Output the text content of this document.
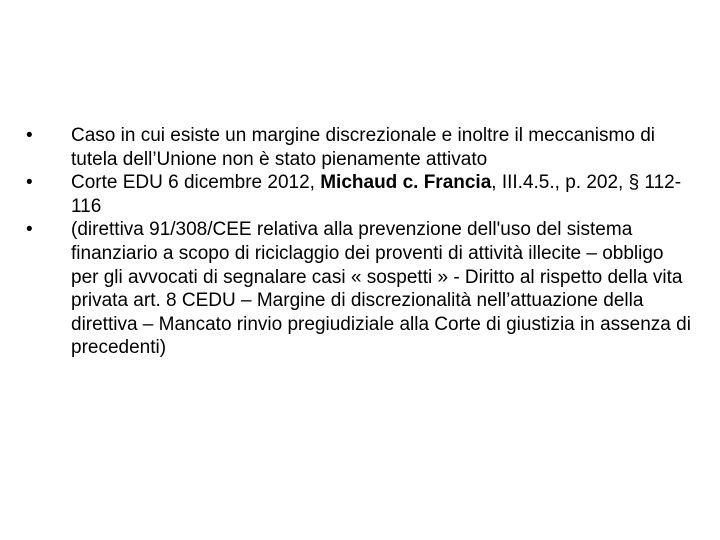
• Caso in cui esiste un margine discrezionale e inoltre il meccanismo di tutela dell’Unione non è stato pienamente attivato
• Corte EDU 6 dicembre 2012, Michaud c. Francia, III.4.5., p. 202, § 112-116
• (direttiva 91/308/CEE relativa alla prevenzione dell'uso del sistema finanziario a scopo di riciclaggio dei proventi di attività illecite – obbligo per gli avvocati di segnalare casi « sospetti » - Diritto al rispetto della vita privata art. 8 CEDU – Margine di discrezionalità nell’attuazione della direttiva – Mancato rinvio pregiudiziale alla Corte di giustizia in assenza di precedenti)
